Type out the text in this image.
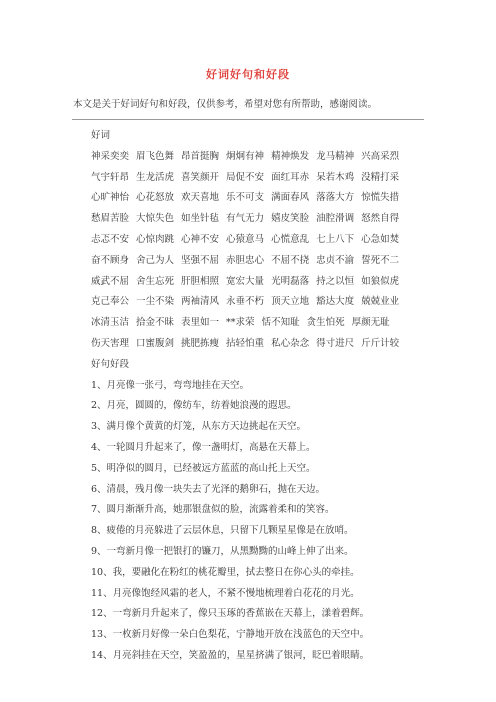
好词好句和好段
本文是关于好词好句和好段，仅供参考，希望对您有所帮助，感谢阅读。
好词
神采奕奕 眉飞色舞 昂首挺胸 炯炯有神 精神焕发 龙马精神 兴高采烈
气宇轩昂 生龙活虎 喜笑颜开 局促不安 面红耳赤 呆若木鸡 没精打采
心旷神怡 心花怒放 欢天喜地 乐不可支 满面春风 落落大方 惊慌失措
愁眉苦脸 大惊失色 如坐针毡 有气无力 嬉皮笑脸 油腔滑调 怒然自得
忐忑不安 心惊肉跳 心神不安 心猿意马 心慌意乱 七上八下 心急如焚
奋不顾身 舍己为人 坚强不屈 赤胆忠心 不屈不挠 忠贞不渝 誓死不二
威武不屈 舍生忘死 肝胆相照 宽宏大量 光明磊落 持之以恒 如狼似虎
克己奉公 一尘不染 两袖清风 永垂不朽 顶天立地 豁达大度 兢兢业业
冰清玉洁 拾金不昧 表里如一 **求荣 恬不知耻 贪生怕死 厚颜无耻
伤天害理 口蜜腹剑 挑肥拣瘦 拈轻怕重 私心杂念 得寸进尺 斤斤计较
好句好段
1、月亮像一张弓，弯弯地挂在天空。
2、月亮，圆圆的，像纺车，纺着她浪漫的遐思。
3、满月像个黄黄的灯笼，从东方天边挑起在天空。
4、一轮圆月升起来了，像一盏明灯，高悬在天幕上。
5、明净似的圆月，已经被远方蓝蓝的高山托上天空。
6、清晨，残月像一块失去了光泽的鹅卵石，抛在天边。
7、圆月渐渐升高，她那银盘似的脸，流露着柔和的笑容。
8、疲倦的月亮躲进了云层休息，只留下几颗星星像是在放哨。
9、一弯新月像一把银打的镰刀，从黑黝黝的山峰上伸了出来。
10、我，要融化在粉红的桃花瓣里，拭去整日在你心头的牵挂。
11、月亮像饱经风霜的老人，不紧不慢地梳理着白花花的月光。
12、一弯新月升起来了，像只玉琢的香蕉嵌在天幕上，漾着碧辉。
13、一枚新月好像一朵白色梨花，宁静地开放在浅蓝色的天空中。
14、月亮斜挂在天空，笑盈盈的，星星挤满了银河，眨巴着眼睛。
